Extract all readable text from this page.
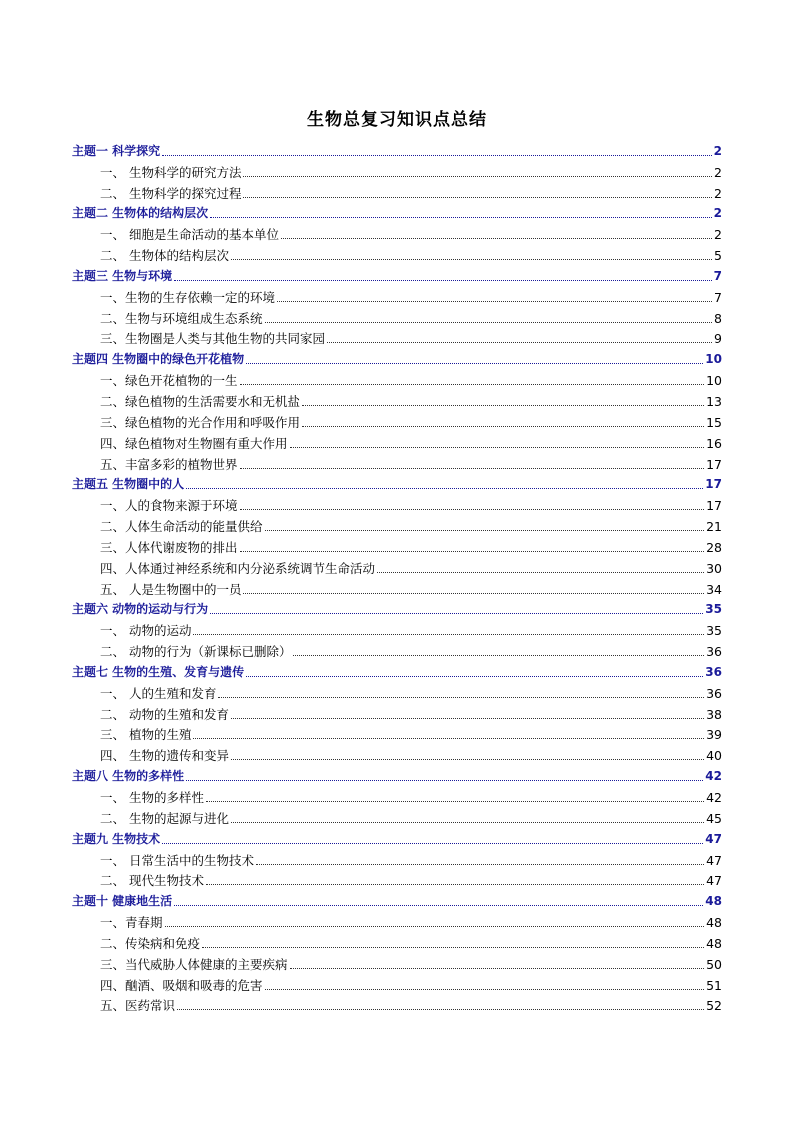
生物总复习知识点总结
主题一 科学探究	2
一、 生物科学的研究方法	2
二、 生物科学的探究过程	2
主题二 生物体的结构层次	2
一、 细胞是生命活动的基本单位	2
二、 生物体的结构层次	5
主题三 生物与环境	7
一、生物的生存依赖一定的环境	7
二、生物与环境组成生态系统	8
三、生物圈是人类与其他生物的共同家园	9
主题四 生物圈中的绿色开花植物	10
一、绿色开花植物的一生	10
二、绿色植物的生活需要水和无机盐	13
三、绿色植物的光合作用和呼吸作用	15
四、绿色植物对生物圈有重大作用	16
五、丰富多彩的植物世界	17
主题五 生物圈中的人	17
一、人的食物来源于环境	17
二、人体生命活动的能量供给	21
三、人体代谢废物的排出	28
四、人体通过神经系统和内分泌系统调节生命活动	30
五、 人是生物圈中的一员	34
主题六 动物的运动与行为	35
一、 动物的运动	35
二、 动物的行为（新课标已删除）	36
主题七 生物的生殖、发育与遗传	36
一、 人的生殖和发育	36
二、 动物的生殖和发育	38
三、 植物的生殖	39
四、 生物的遗传和变异	40
主题八 生物的多样性	42
一、 生物的多样性	42
二、 生物的起源与进化	45
主题九 生物技术	47
一、 日常生活中的生物技术	47
二、 现代生物技术	47
主题十 健康地生活	48
一、青春期	48
二、传染病和免疫	48
三、当代威胁人体健康的主要疾病	50
四、酗酒、吸烟和吸毒的危害	51
五、医药常识	52
